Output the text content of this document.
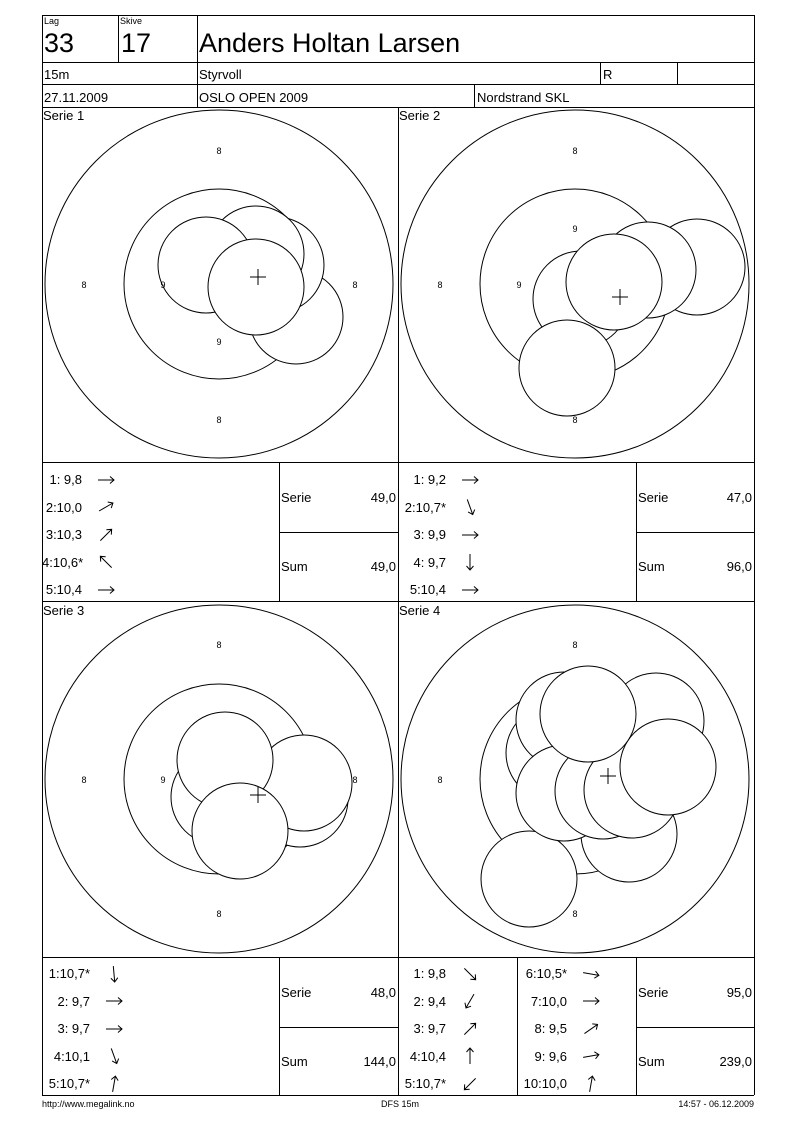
Lag
33
Skive
17 Anders Holtan Larsen
15m	Styrvoll	R
27.11.2009	OSLO OPEN 2009	Nordstrand SKL
Serie 1
8
8
8	8
9
9
Serie 2
8
8
8	9
9
Serie 3
8
8
8	8
9
Serie 4
8
8
8
1: 9,8
2:10,0
3:10,3
4:10,6*
5:10,4
1: 9,2
2:10,7*
3: 9,9
4: 9,7
5:10,4
1:10,7*
2: 9,7
3: 9,7
4:10,1
5:10,7*
1: 9,8
2: 9,4
3: 9,7
4:10,4
5:10,7*
6:10,5*
7:10,0
8: 9,5
9: 9,6
10:10,0
Serie	49,0
Sum	49,0
Serie	47,0
Sum	96,0
Serie	48,0
Sum	144,0
Serie	95,0
Sum	239,0
http://www.megalink.no	DFS 15m	14:57 - 06.12.2009
